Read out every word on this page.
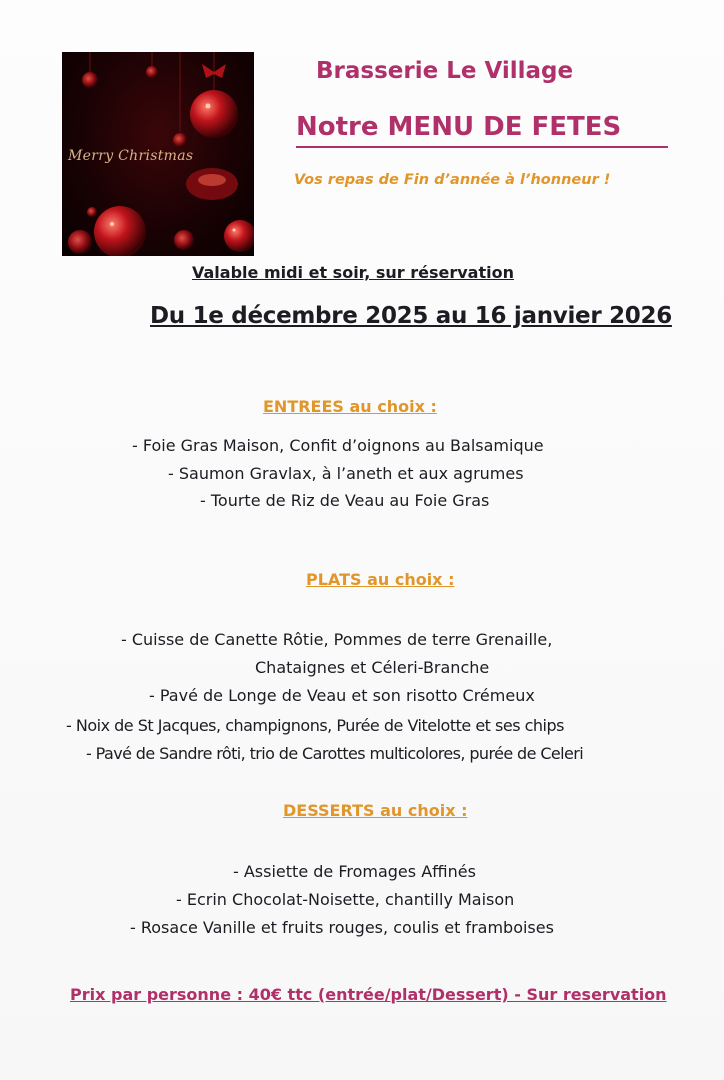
Merry Christmas
Brasserie Le Village
Notre MENU DE FETES
Vos repas de Fin d’année à l’honneur !
Valable midi et soir, sur réservation
Du 1e décembre 2025 au 16 janvier 2026
ENTREES au choix :
- Foie Gras Maison, Confit d’oignons au Balsamique
- Saumon Gravlax, à l’aneth et aux agrumes
- Tourte de Riz de Veau au Foie Gras
PLATS au choix :
- Cuisse de Canette Rôtie, Pommes de terre Grenaille,
Chataignes et Céleri-Branche
- Pavé de Longe de Veau et son risotto Crémeux
- Noix de St Jacques, champignons, Purée de Vitelotte et ses chips
- Pavé de Sandre rôti, trio de Carottes multicolores, purée de Celeri
DESSERTS au choix :
- Assiette de Fromages Affinés
- Ecrin Chocolat-Noisette, chantilly Maison
- Rosace Vanille et fruits rouges, coulis et framboises
Prix par personne : 40€ ttc (entrée/plat/Dessert) - Sur reservation
